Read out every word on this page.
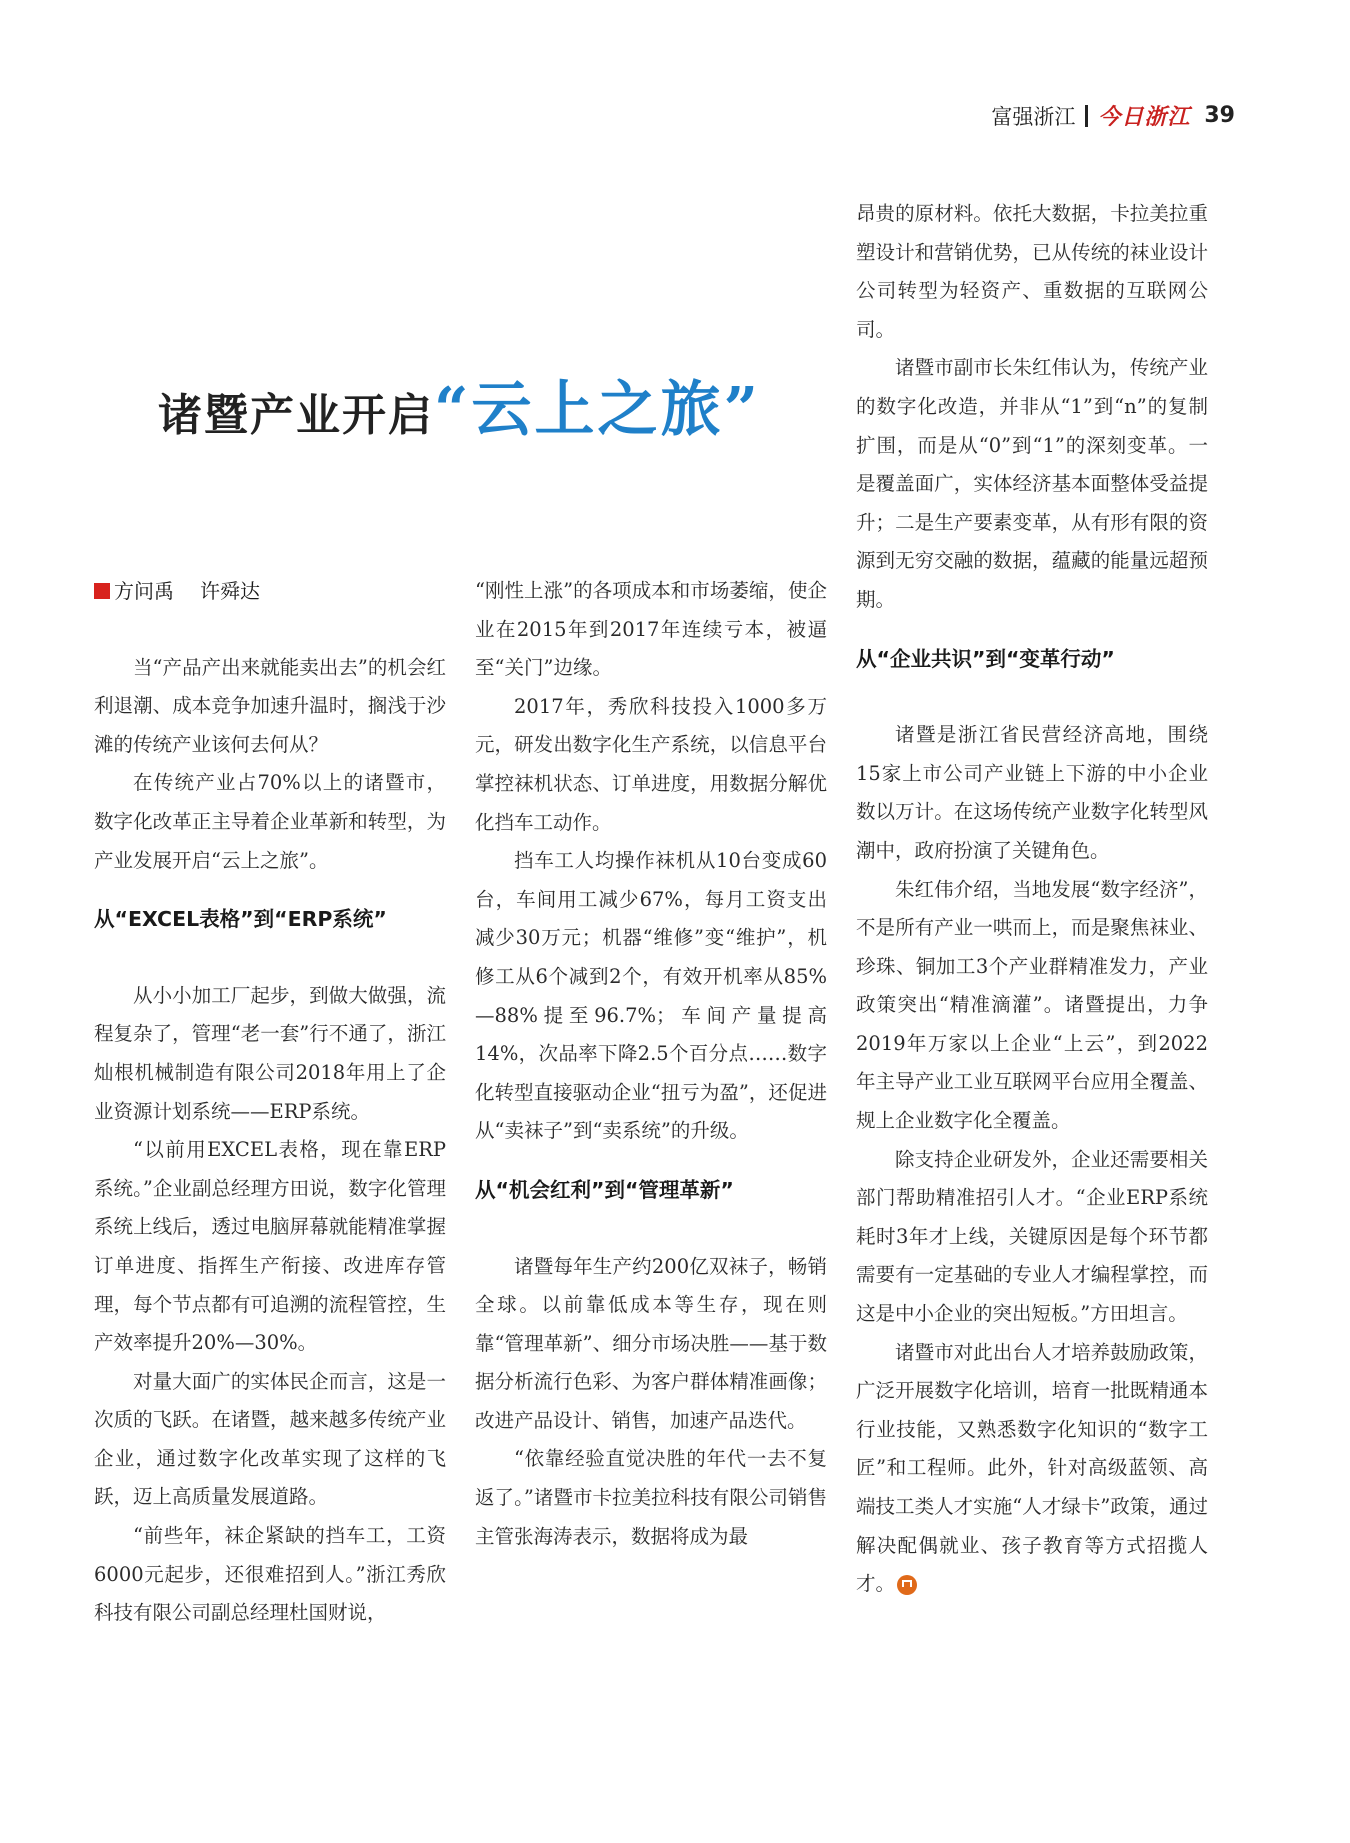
富强浙江 今日浙江 39
诸暨产业开启“云上之旅”
方问禹 许舜达

当“产品产出来就能卖出去”的机会红利退潮、成本竞争加速升温时，搁浅于沙滩的传统产业该何去何从？

在传统产业占70%以上的诸暨市，数字化改革正主导着企业革新和转型，为产业发展开启“云上之旅”。

从“EXCEL表格”到“ERP系统”

从小小加工厂起步，到做大做强，流程复杂了，管理“老一套”行不通了，浙江灿根机械制造有限公司2018年用上了企业资源计划系统——ERP系统。

“以前用EXCEL表格，现在靠ERP系统。”企业副总经理方田说，数字化管理系统上线后，透过电脑屏幕就能精准掌握订单进度、指挥生产衔接、改进库存管理，每个节点都有可追溯的流程管控，生产效率提升20%—30%。

对量大面广的实体民企而言，这是一次质的飞跃。在诸暨，越来越多传统产业企业，通过数字化改革实现了这样的飞跃，迈上高质量发展道路。

“前些年，袜企紧缺的挡车工，工资6000元起步，还很难招到人。”浙江秀欣科技有限公司副总经理杜国财说，

“刚性上涨”的各项成本和市场萎缩，使企业在2015年到2017年连续亏本，被逼至“关门”边缘。

2017年，秀欣科技投入1000多万元，研发出数字化生产系统，以信息平台掌控袜机状态、订单进度，用数据分解优化挡车工动作。

挡车工人均操作袜机从10台变成60台，车间用工减少67%，每月工资支出减少30万元；机器“维修”变“维护”，机修工从6个减到2个，有效开机率从85%—88%提至96.7%；车间产量提高14%，次品率下降2.5个百分点……数字化转型直接驱动企业“扭亏为盈”，还促进从“卖袜子”到“卖系统”的升级。

从“机会红利”到“管理革新”

诸暨每年生产约200亿双袜子，畅销全球。以前靠低成本等生存，现在则靠“管理革新”、细分市场决胜——基于数据分析流行色彩、为客户群体精准画像；改进产品设计、销售，加速产品迭代。

“依靠经验直觉决胜的年代一去不复返了。”诸暨市卡拉美拉科技有限公司销售主管张海涛表示，数据将成为最

昂贵的原材料。依托大数据，卡拉美拉重塑设计和营销优势，已从传统的袜业设计公司转型为轻资产、重数据的互联网公司。

诸暨市副市长朱红伟认为，传统产业的数字化改造，并非从“1”到“n”的复制扩围，而是从“0”到“1”的深刻变革。一是覆盖面广，实体经济基本面整体受益提升；二是生产要素变革，从有形有限的资源到无穷交融的数据，蕴藏的能量远超预期。

从“企业共识”到“变革行动”

诸暨是浙江省民营经济高地，围绕15家上市公司产业链上下游的中小企业数以万计。在这场传统产业数字化转型风潮中，政府扮演了关键角色。

朱红伟介绍，当地发展“数字经济”，不是所有产业一哄而上，而是聚焦袜业、珍珠、铜加工3个产业群精准发力，产业政策突出“精准滴灌”。诸暨提出，力争2019年万家以上企业“上云”，到2022年主导产业工业互联网平台应用全覆盖、规上企业数字化全覆盖。

除支持企业研发外，企业还需要相关部门帮助精准招引人才。“企业ERP系统耗时3年才上线，关键原因是每个环节都需要有一定基础的专业人才编程掌控，而这是中小企业的突出短板。”方田坦言。

诸暨市对此出台人才培养鼓励政策，广泛开展数字化培训，培育一批既精通本行业技能，又熟悉数字化知识的“数字工匠”和工程师。此外，针对高级蓝领、高端技工类人才实施“人才绿卡”政策，通过解决配偶就业、孩子教育等方式招揽人才。
